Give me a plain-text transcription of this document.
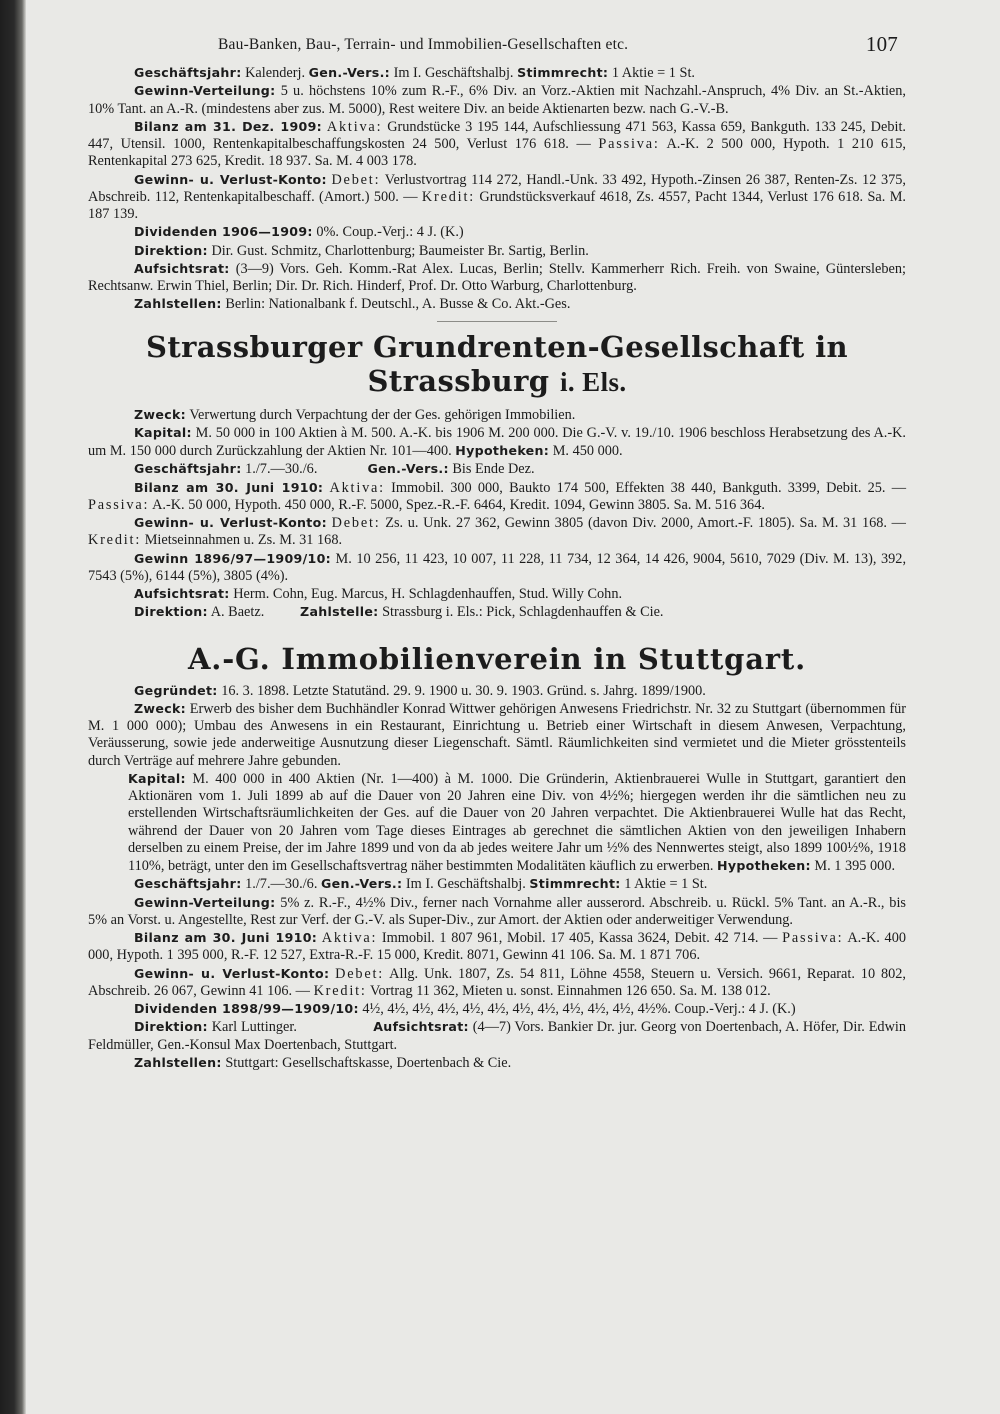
Bau-Banken, Bau-, Terrain- und Immobilien-Gesellschaften etc.	107

Geschäftsjahr: Kalenderj. Gen.-Vers.: Im I. Geschäftshalbj. Stimmrecht: 1 Aktie = 1 St.

Gewinn-Verteilung: 5 u. höchstens 10% zum R.-F., 6% Div. an Vorz.-Aktien mit Nachzahl.-Anspruch, 4% Div. an St.-Aktien, 10% Tant. an A.-R. (mindestens aber zus. M. 5000), Rest weitere Div. an beide Aktienarten bezw. nach G.-V.-B.

Bilanz am 31. Dez. 1909: Aktiva: Grundstücke 3 195 144, Aufschliessung 471 563, Kassa 659, Bankguth. 133 245, Debit. 447, Utensil. 1000, Rentenkapitalbeschaffungskosten 24 500, Verlust 176 618. — Passiva: A.-K. 2 500 000, Hypoth. 1 210 615, Rentenkapital 273 625, Kredit. 18 937. Sa. M. 4 003 178.

Gewinn- u. Verlust-Konto: Debet: Verlustvortrag 114 272, Handl.-Unk. 33 492, Hypoth.-Zinsen 26 387, Renten-Zs. 12 375, Abschreib. 112, Rentenkapitalbeschaff. (Amort.) 500. — Kredit: Grundstücksverkauf 4618, Zs. 4557, Pacht 1344, Verlust 176 618. Sa. M. 187 139.

Dividenden 1906—1909: 0%. Coup.-Verj.: 4 J. (K.)

Direktion: Dir. Gust. Schmitz, Charlottenburg; Baumeister Br. Sartig, Berlin.

Aufsichtsrat: (3—9) Vors. Geh. Komm.-Rat Alex. Lucas, Berlin; Stellv. Kammerherr Rich. Freih. von Swaine, Güntersleben; Rechtsanw. Erwin Thiel, Berlin; Dir. Dr. Rich. Hinderf, Prof. Dr. Otto Warburg, Charlottenburg.

Zahlstellen: Berlin: Nationalbank f. Deutschl., A. Busse & Co. Akt.-Ges.

Strassburger Grundrenten-Gesellschaft in Strassburg i. Els.

Zweck: Verwertung durch Verpachtung der der Ges. gehörigen Immobilien.

Kapital: M. 50 000 in 100 Aktien à M. 500. A.-K. bis 1906 M. 200 000. Die G.-V. v. 19./10. 1906 beschloss Herabsetzung des A.-K. um M. 150 000 durch Zurückzahlung der Aktien Nr. 101—400. Hypotheken: M. 450 000.

Geschäftsjahr: 1./7.—30./6.	Gen.-Vers.: Bis Ende Dez.

Bilanz am 30. Juni 1910: Aktiva: Immobil. 300 000, Baukto 174 500, Effekten 38 440, Bankguth. 3399, Debit. 25. — Passiva: A.-K. 50 000, Hypoth. 450 000, R.-F. 5000, Spez.-R.-F. 6464, Kredit. 1094, Gewinn 3805. Sa. M. 516 364.

Gewinn- u. Verlust-Konto: Debet: Zs. u. Unk. 27 362, Gewinn 3805 (davon Div. 2000, Amort.-F. 1805). Sa. M. 31 168. — Kredit: Mietseinnahmen u. Zs. M. 31 168.

Gewinn 1896/97—1909/10: M. 10 256, 11 423, 10 007, 11 228, 11 734, 12 364, 14 426, 9004, 5610, 7029 (Div. M. 13), 392, 7543 (5%), 6144 (5%), 3805 (4%).

Aufsichtsrat: Herm. Cohn, Eug. Marcus, H. Schlagdenhauffen, Stud. Willy Cohn.

Direktion: A. Baetz.	Zahlstelle: Strassburg i. Els.: Pick, Schlagdenhauffen & Cie.

A.-G. Immobilienverein in Stuttgart.

Gegründet: 16. 3. 1898. Letzte Statutänd. 29. 9. 1900 u. 30. 9. 1903. Gründ. s. Jahrg. 1899/1900.

Zweck: Erwerb des bisher dem Buchhändler Konrad Wittwer gehörigen Anwesens Friedrichstr. Nr. 32 zu Stuttgart (übernommen für M. 1 000 000); Umbau des Anwesens in ein Restaurant, Einrichtung u. Betrieb einer Wirtschaft in diesem Anwesen, Verpachtung, Veräusserung, sowie jede anderweitige Ausnutzung dieser Liegenschaft. Sämtl. Räumlichkeiten sind vermietet und die Mieter grösstenteils durch Verträge auf mehrere Jahre gebunden.

Kapital: M. 400 000 in 400 Aktien (Nr. 1—400) à M. 1000. Die Gründerin, Aktienbrauerei Wulle in Stuttgart, garantiert den Aktionären vom 1. Juli 1899 ab auf die Dauer von 20 Jahren eine Div. von 4½%; hiergegen werden ihr die sämtlichen neu zu erstellenden Wirtschaftsräumlichkeiten der Ges. auf die Dauer von 20 Jahren verpachtet. Die Aktienbrauerei Wulle hat das Recht, während der Dauer von 20 Jahren vom Tage dieses Eintrages ab gerechnet die sämtlichen Aktien von den jeweiligen Inhabern derselben zu einem Preise, der im Jahre 1899 und von da ab jedes weitere Jahr um ½% des Nennwertes steigt, also 1899 100½%, 1918 110%, beträgt, unter den im Gesellschaftsvertrag näher bestimmten Modalitäten käuflich zu erwerben. Hypotheken: M. 1 395 000.

Geschäftsjahr: 1./7.—30./6. Gen.-Vers.: Im I. Geschäftshalbj. Stimmrecht: 1 Aktie = 1 St.

Gewinn-Verteilung: 5% z. R.-F., 4½% Div., ferner nach Vornahme aller ausserord. Abschreib. u. Rückl. 5% Tant. an A.-R., bis 5% an Vorst. u. Angestellte, Rest zur Verf. der G.-V. als Super-Div., zur Amort. der Aktien oder anderweitiger Verwendung.

Bilanz am 30. Juni 1910: Aktiva: Immobil. 1 807 961, Mobil. 17 405, Kassa 3624, Debit. 42 714. — Passiva: A.-K. 400 000, Hypoth. 1 395 000, R.-F. 12 527, Extra-R.-F. 15 000, Kredit. 8071, Gewinn 41 106. Sa. M. 1 871 706.

Gewinn- u. Verlust-Konto: Debet: Allg. Unk. 1807, Zs. 54 811, Löhne 4558, Steuern u. Versich. 9661, Reparat. 10 802, Abschreib. 26 067, Gewinn 41 106. — Kredit: Vortrag 11 362, Mieten u. sonst. Einnahmen 126 650. Sa. M. 138 012.

Dividenden 1898/99—1909/10: 4½, 4½, 4½, 4½, 4½, 4½, 4½, 4½, 4½, 4½, 4½, 4½%. Coup.-Verj.: 4 J. (K.)

Direktion: Karl Luttinger.	Aufsichtsrat: (4—7) Vors. Bankier Dr. jur. Georg von Doertenbach, A. Höfer, Dir. Edwin Feldmüller, Gen.-Konsul Max Doertenbach, Stuttgart.

Zahlstellen: Stuttgart: Gesellschaftskasse, Doertenbach & Cie.
